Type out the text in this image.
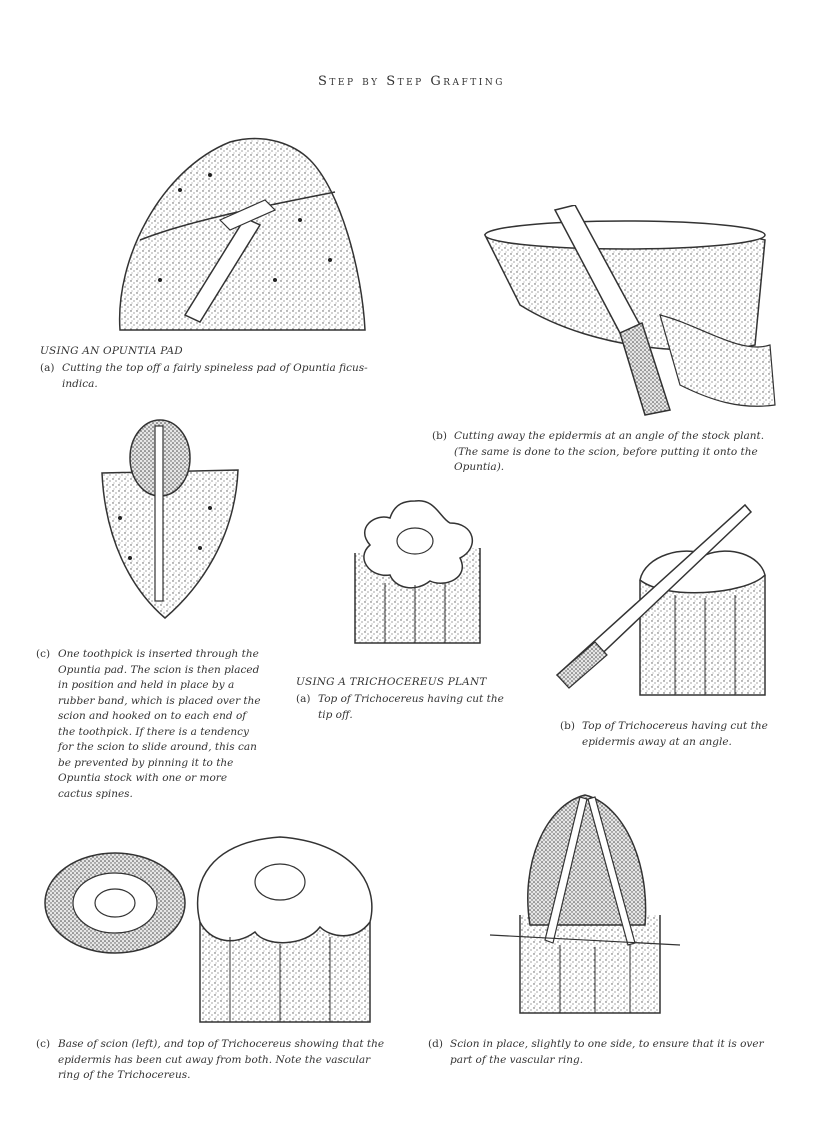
Step by Step Grafting
USING AN OPUNTIA PAD
(a) Cutting the top off a fairly spineless pad of Opuntia ficus-
indica.
(b) Cutting away the epidermis at an angle of the stock plant.
(The same is done to the scion, before putting it onto the
Opuntia).
(c) One toothpick is inserted through the
Opuntia pad. The scion is then placed
in position and held in place by a
rubber band, which is placed over the
scion and hooked on to each end of
the toothpick. If there is a tendency
for the scion to slide around, this can
be prevented by pinning it to the
Opuntia stock with one or more
cactus spines.
USING A TRICHOCEREUS PLANT
(a) Top of Trichocereus having cut the
tip off.
(b) Top of Trichocereus having cut the
epidermis away at an angle.
(c) Base of scion (left), and top of Trichocereus showing that the
epidermis has been cut away from both. Note the vascular
ring of the Trichocereus.
(d) Scion in place, slightly to one side, to ensure that it is over
part of the vascular ring.
